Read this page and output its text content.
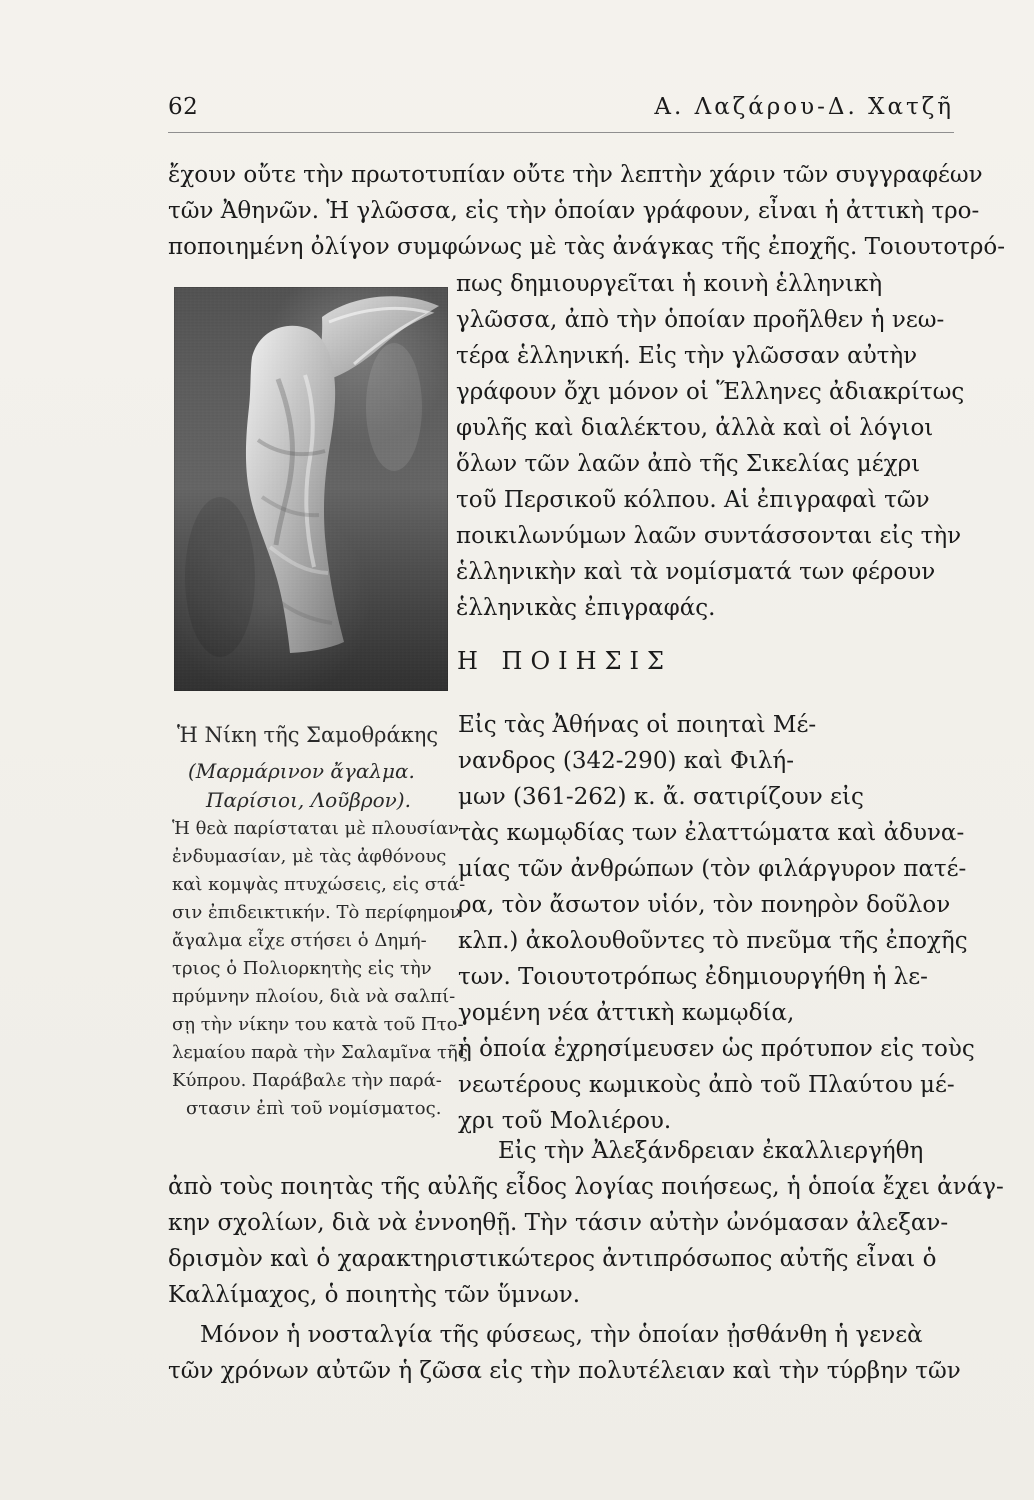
62	Α. Λαζάρου-Δ. Χατζῆ
ἔχουν οὔτε τὴν πρωτοτυπίαν οὔτε τὴν λεπτὴν χάριν τῶν συγγραφέων
τῶν Ἀθηνῶν. Ἡ γλῶσσα, εἰς τὴν ὁποίαν γράφουν, εἶναι ἡ ἀττικὴ τρο-
ποποιημένη ὀλίγον συμφώνως μὲ τὰς ἀνάγκας τῆς ἐποχῆς. Τοιουτοτρό-
πως δημιουργεῖται ἡ κοινὴ ἑλληνικὴ
γλῶσσα, ἀπὸ τὴν ὁποίαν προῆλθεν ἡ νεω-
τέρα ἑλληνική. Εἰς τὴν γλῶσσαν αὐτὴν
γράφουν ὄχι μόνον οἱ Ἕλληνες ἀδιακρίτως
φυλῆς καὶ διαλέκτου, ἀλλὰ καὶ οἱ λόγιοι
ὅλων τῶν λαῶν ἀπὸ τῆς Σικελίας μέχρι
τοῦ Περσικοῦ κόλπου. Αἱ ἐπιγραφαὶ τῶν
ποικιλωνύμων λαῶν συντάσσονται εἰς τὴν
ἑλληνικὴν καὶ τὰ νομίσματά των φέρουν
ἑλληνικὰς ἐπιγραφάς.
Η ΠΟΙΗΣΙΣ
Ἡ Νίκη τῆς Σαμοθράκης
(Μαρμάρινον ἄγαλμα.
Παρίσιοι, Λοῦβρον).
Ἡ θεὰ παρίσταται μὲ πλουσίαν
ἐνδυμασίαν, μὲ τὰς ἀφθόνους
καὶ κομψὰς πτυχώσεις, εἰς στά-
σιν ἐπιδεικτικήν. Τὸ περίφημον
ἄγαλμα εἶχε στήσει ὁ Δημή-
τριος ὁ Πολιορκητὴς εἰς τὴν
πρύμνην πλοίου, διὰ νὰ σαλπί-
σῃ τὴν νίκην του κατὰ τοῦ Πτο-
λεμαίου παρὰ τὴν Σαλαμῖνα τῆς
Κύπρου. Παράβαλε τὴν παρά-
στασιν ἐπὶ τοῦ νομίσματος.
Εἰς τὰς Ἀθήνας οἱ ποιηταὶ Μέ-
νανδρος (342-290) καὶ Φιλή-
μων (361-262) κ. ἄ. σατιρίζουν εἰς
τὰς κωμῳδίας των ἐλαττώματα καὶ ἀδυνα-
μίας τῶν ἀνθρώπων (τὸν φιλάργυρον πατέ-
ρα, τὸν ἄσωτον υἱόν, τὸν πονηρὸν δοῦλον
κλπ.) ἀκολουθοῦντες τὸ πνεῦμα τῆς ἐποχῆς
των. Τοιουτοτρόπως ἐδημιουργήθη ἡ λε-
γομένη νέα ἀττικὴ κωμῳδία,
ἡ ὁποία ἐχρησίμευσεν ὡς πρότυπον εἰς τοὺς
νεωτέρους κωμικοὺς ἀπὸ τοῦ Πλαύτου μέ-
χρι τοῦ Μολιέρου.
Εἰς τὴν Ἀλεξάνδρειαν ἐκαλλιεργήθη
ἀπὸ τοὺς ποιητὰς τῆς αὐλῆς εἶδος λογίας ποιήσεως, ἡ ὁποία ἔχει ἀνάγ-
κην σχολίων, διὰ νὰ ἐννοηθῇ. Τὴν τάσιν αὐτὴν ὠνόμασαν ἀλεξαν-
δρισμὸν καὶ ὁ χαρακτηριστικώτερος ἀντιπρόσωπος αὐτῆς εἶναι ὁ
Καλλίμαχος, ὁ ποιητὴς τῶν ὕμνων.
Μόνον ἡ νοσταλγία τῆς φύσεως, τὴν ὁποίαν ᾐσθάνθη ἡ γενεὰ
τῶν χρόνων αὐτῶν ἡ ζῶσα εἰς τὴν πολυτέλειαν καὶ τὴν τύρβην τῶν
